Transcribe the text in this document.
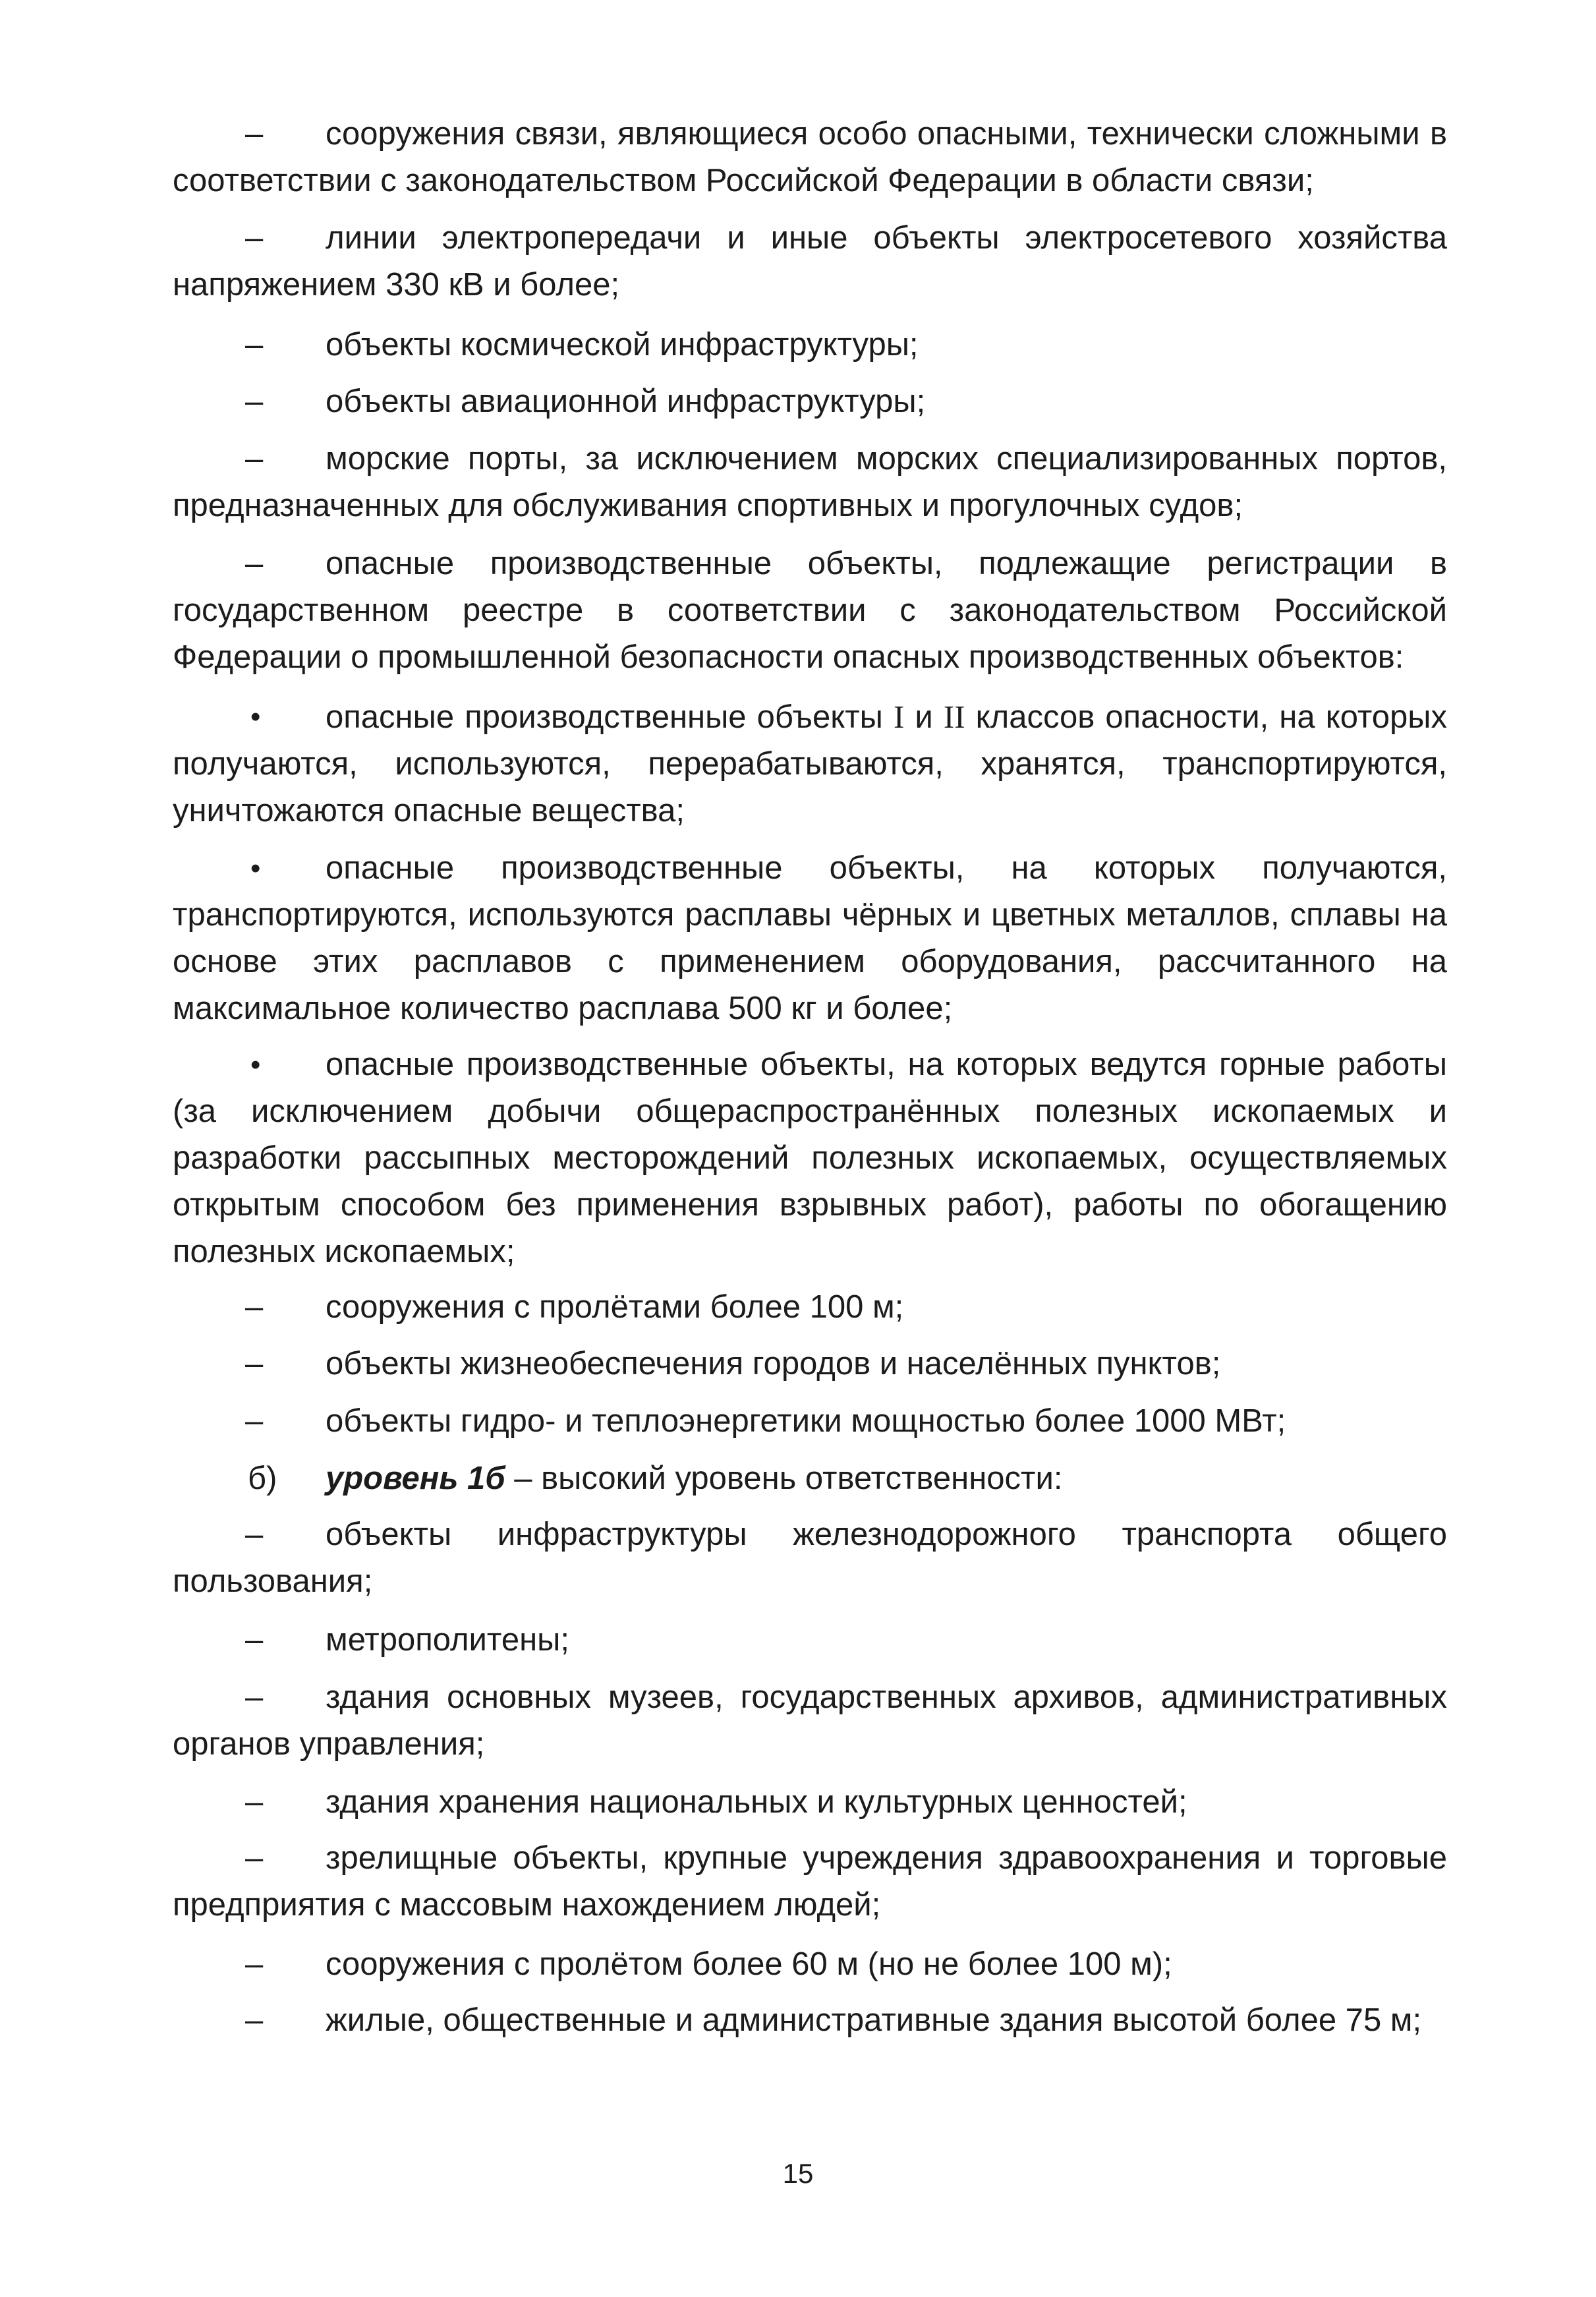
– сооружения связи, являющиеся особо опасными, технически сложными в соответствии с законодательством Российской Федерации в области связи;

– линии электропередачи и иные объекты электросетевого хозяйства напряжением 330 кВ и более;

– объекты космической инфраструктуры;

– объекты авиационной инфраструктуры;

– морские порты, за исключением морских специализированных портов, предназначенных для обслуживания спортивных и прогулочных судов;

– опасные производственные объекты, подлежащие регистрации в государственном реестре в соответствии с законодательством Российской Федерации о промышленной безопасности опасных производственных объектов:

• опасные производственные объекты I и II классов опасности, на которых получаются, используются, перерабатываются, хранятся, транспортируются, уничтожаются опасные вещества;

• опасные производственные объекты, на которых получаются, транспортируются, используются расплавы чёрных и цветных металлов, сплавы на основе этих расплавов с применением оборудования, рассчитанного на максимальное количество расплава 500 кг и более;

• опасные производственные объекты, на которых ведутся горные работы (за исключением добычи общераспространённых полезных ископаемых и разработки рассыпных месторождений полезных ископаемых, осуществляемых открытым способом без применения взрывных работ), работы по обогащению полезных ископаемых;

– сооружения с пролётами более 100 м;

– объекты жизнеобеспечения городов и населённых пунктов;

– объекты гидро- и теплоэнергетики мощностью более 1000 МВт;

б) уровень 1б – высокий уровень ответственности:

– объекты инфраструктуры железнодорожного транспорта общего пользования;

– метрополитены;

– здания основных музеев, государственных архивов, административных органов управления;

– здания хранения национальных и культурных ценностей;

– зрелищные объекты, крупные учреждения здравоохранения и торговые предприятия с массовым нахождением людей;

– сооружения с пролётом более 60 м (но не более 100 м);

– жилые, общественные и административные здания высотой более 75 м;

15
